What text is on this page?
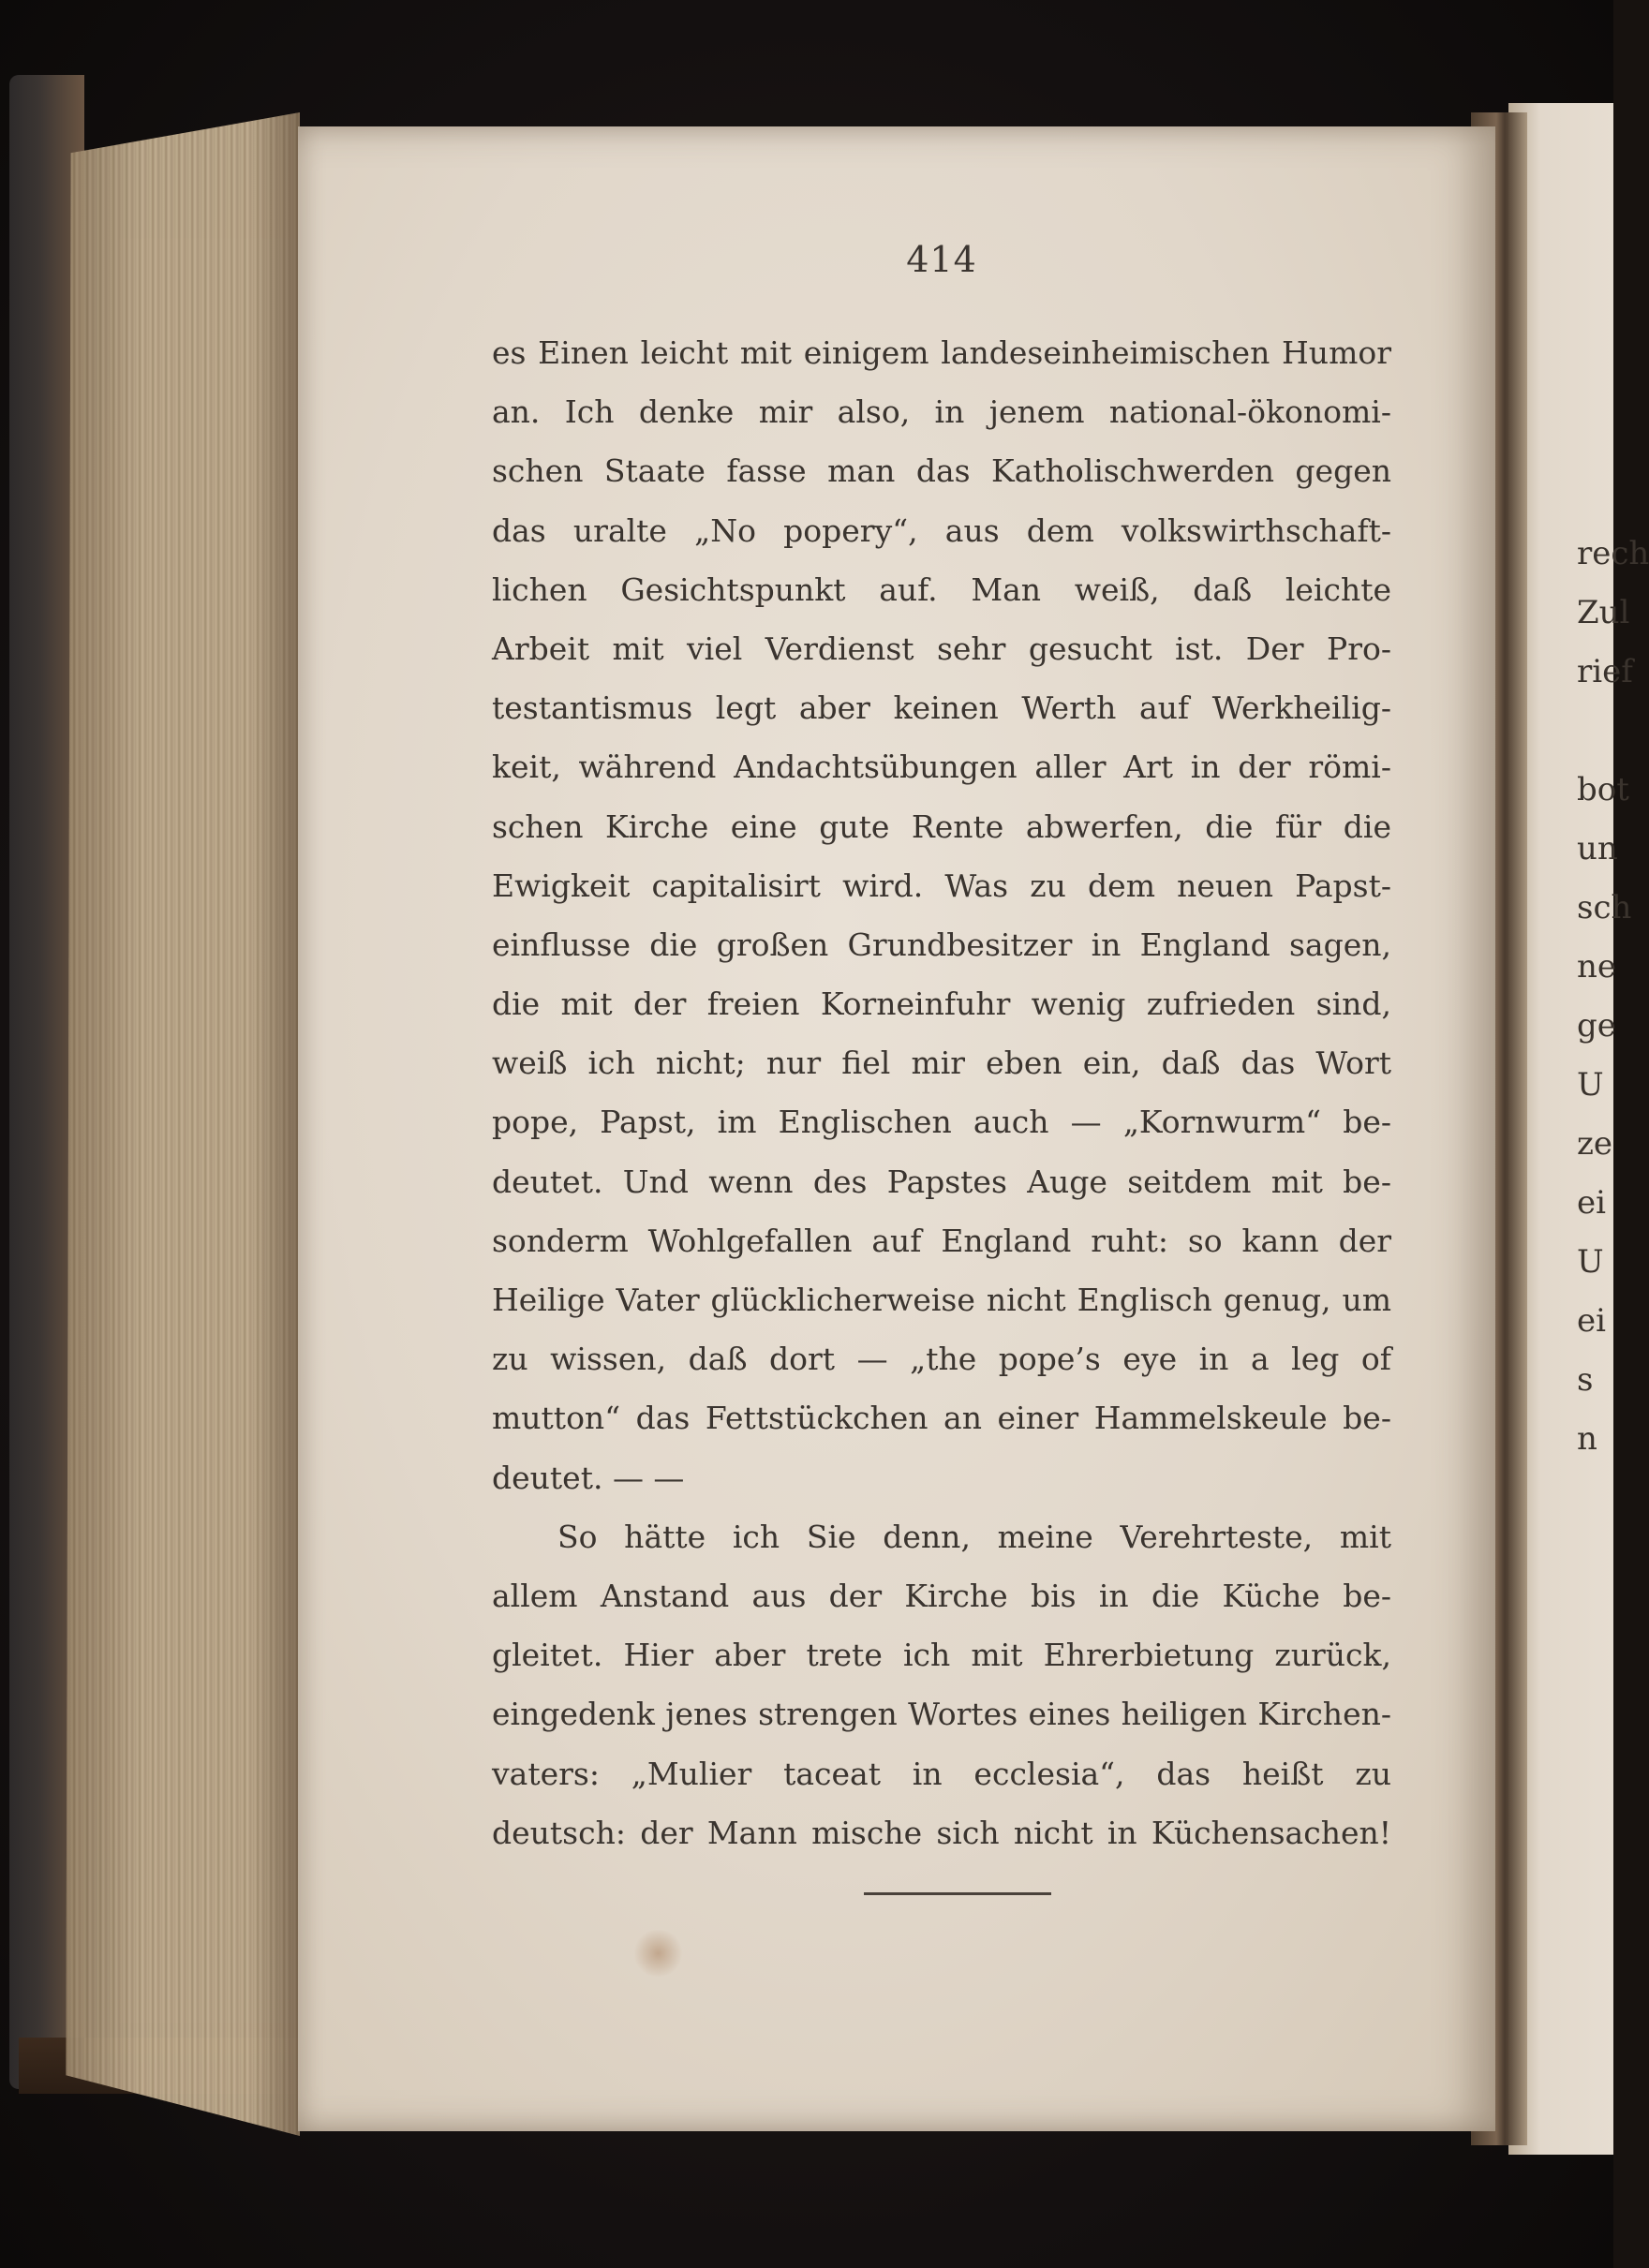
414
es Einen leicht mit einigem landeseinheimischen Humor
an. Ich denke mir also, in jenem national-ökonomi-
schen Staate fasse man das Katholischwerden gegen
das uralte „No popery“, aus dem volkswirthschaft-
lichen Gesichtspunkt auf. Man weiß, daß leichte
Arbeit mit viel Verdienst sehr gesucht ist. Der Pro-
testantismus legt aber keinen Werth auf Werkheilig-
keit, während Andachtsübungen aller Art in der römi-
schen Kirche eine gute Rente abwerfen, die für die
Ewigkeit capitalisirt wird. Was zu dem neuen Papst-
einflusse die großen Grundbesitzer in England sagen,
die mit der freien Korneinfuhr wenig zufrieden sind,
weiß ich nicht; nur fiel mir eben ein, daß das Wort
pope, Papst, im Englischen auch — „Kornwurm“ be-
deutet. Und wenn des Papstes Auge seitdem mit be-
sonderm Wohlgefallen auf England ruht: so kann der
Heilige Vater glücklicherweise nicht Englisch genug, um
zu wissen, daß dort — „the pope’s eye in a leg of
mutton“ das Fettstückchen an einer Hammelskeule be-
deutet. — —
So hätte ich Sie denn, meine Verehrteste, mit
allem Anstand aus der Kirche bis in die Küche be-
gleitet. Hier aber trete ich mit Ehrerbietung zurück,
eingedenk jenes strengen Wortes eines heiligen Kirchen-
vaters: „Mulier taceat in ecclesia“, das heißt zu
deutsch: der Mann mische sich nicht in Küchensachen!
rech
Zul
rief
bot
un
sch
ne
ge
U
ze
ei
U
ei
s
n
